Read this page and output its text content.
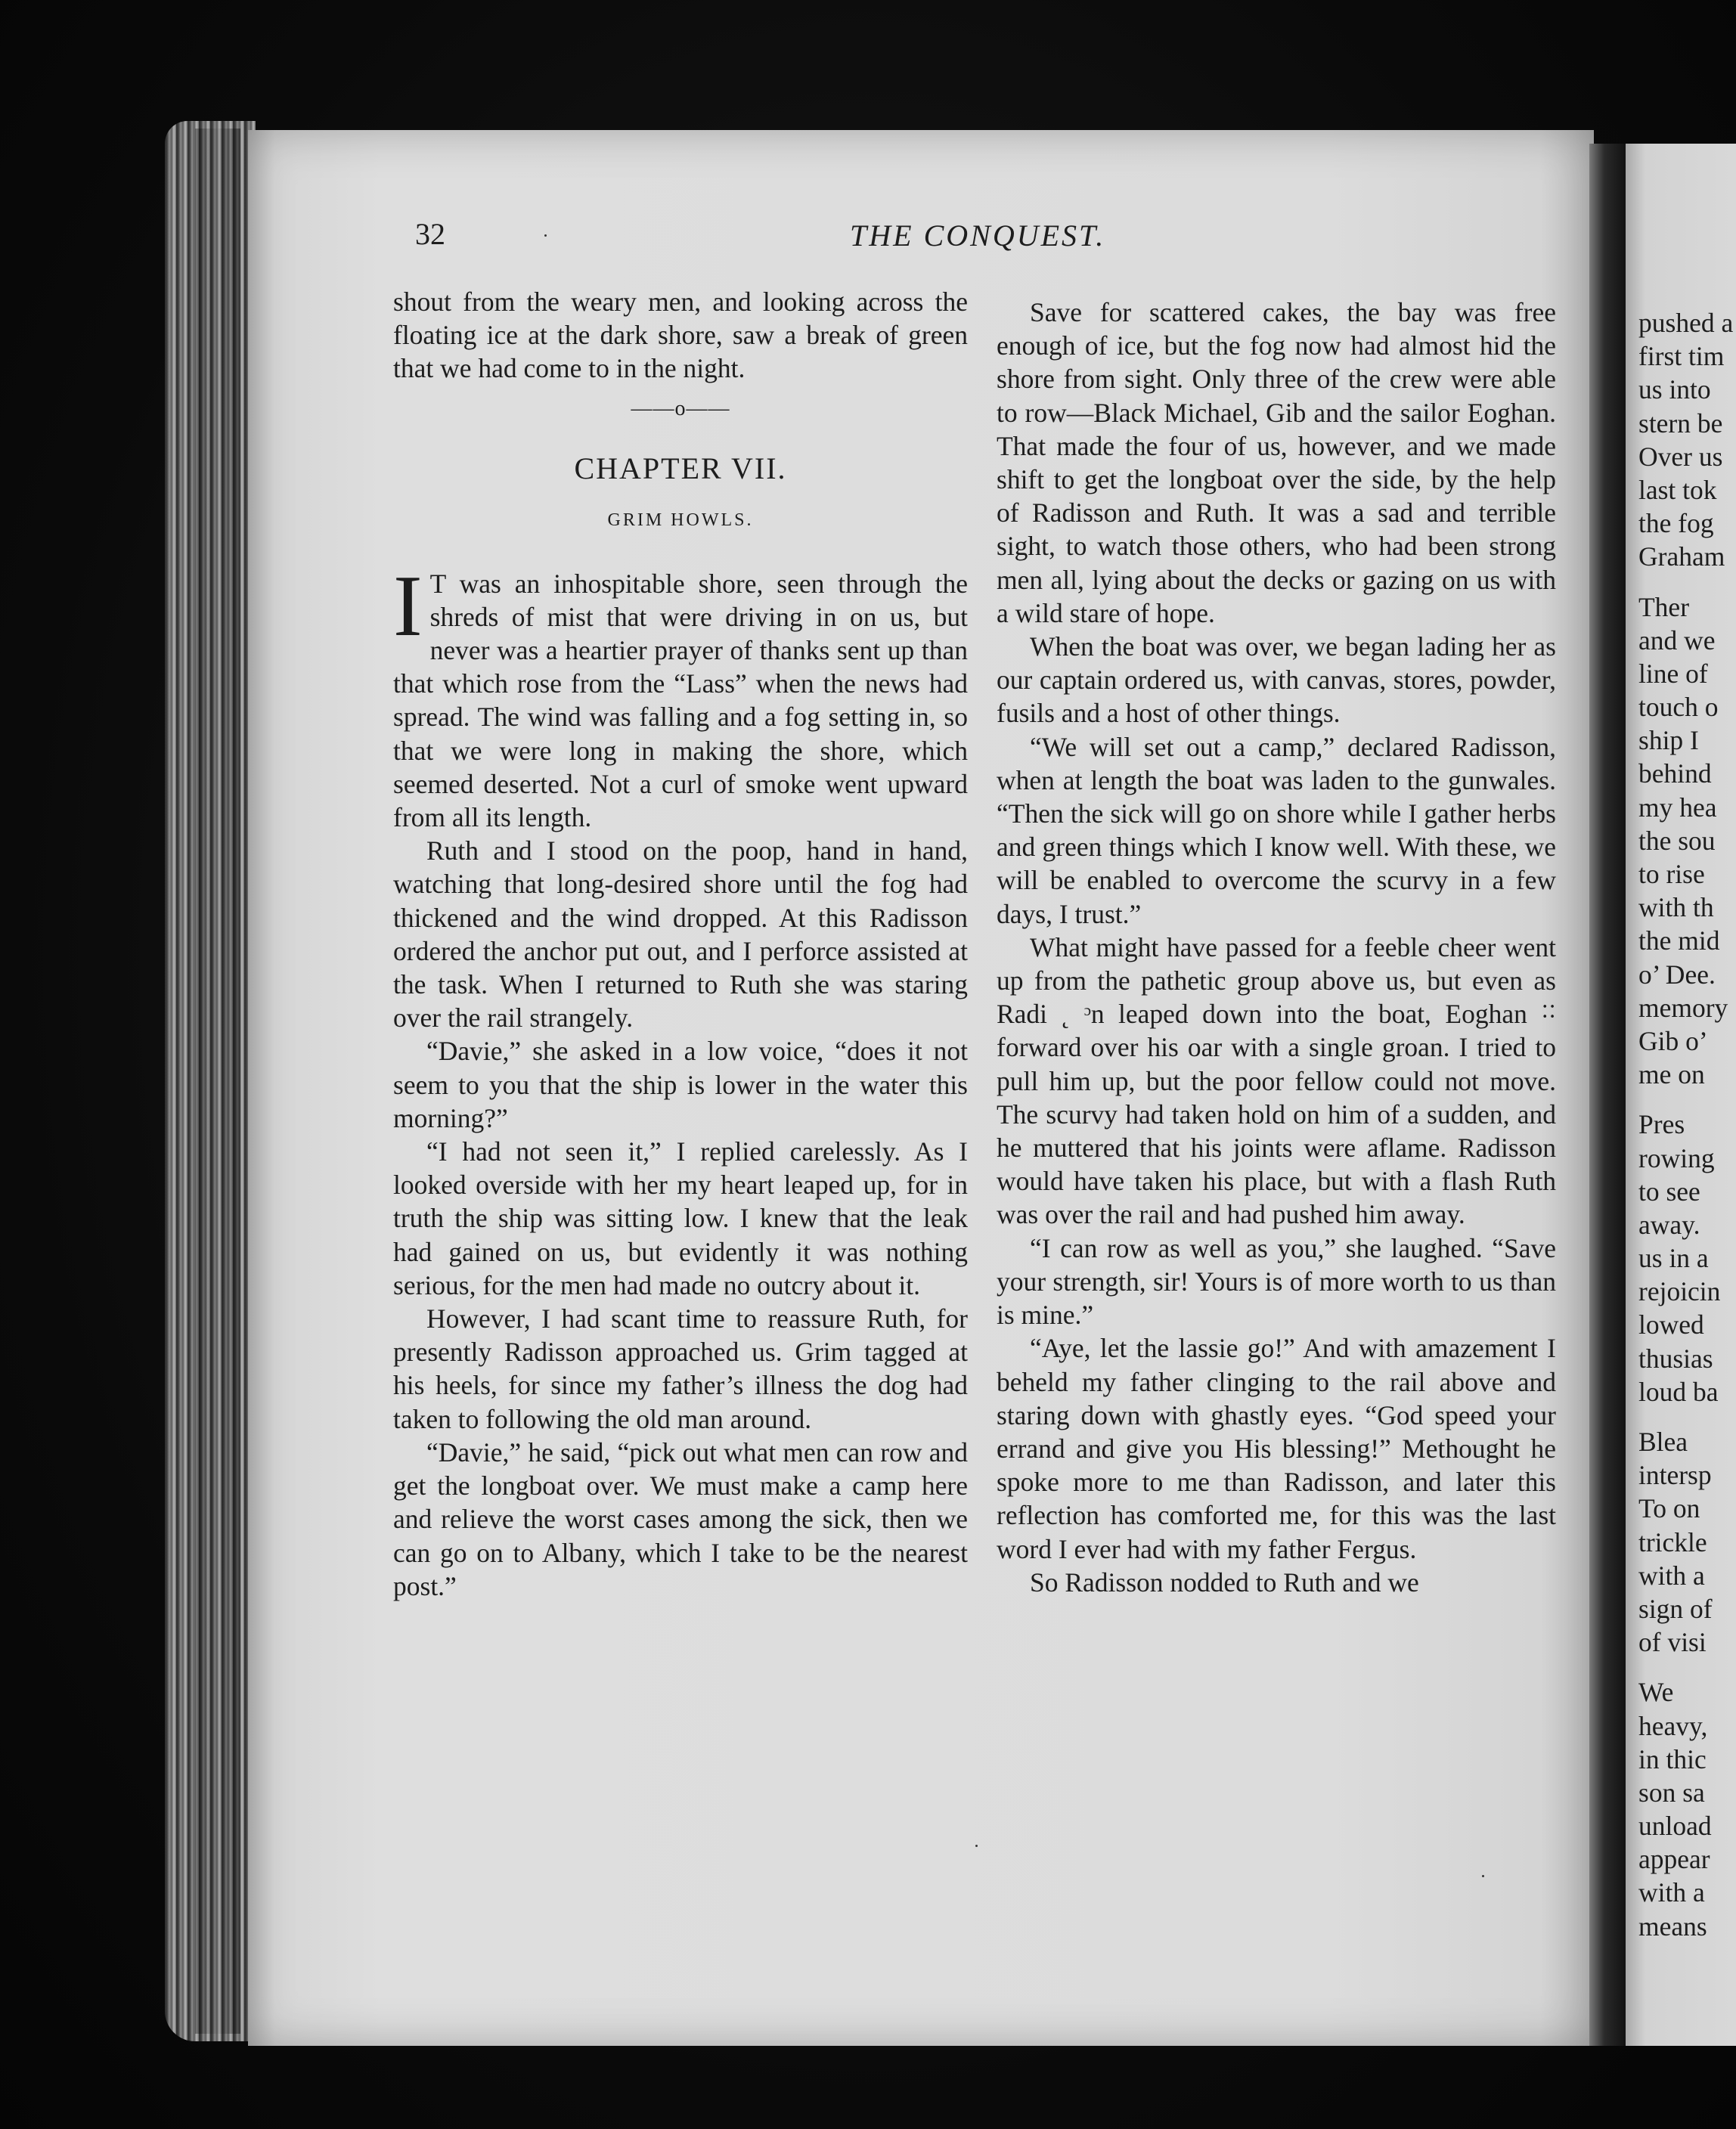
32	THE CONQUEST.

shout from the weary men, and looking across the floating ice at the dark shore, saw a break of green that we had come to in the night.

——o——
CHAPTER VII.
GRIM HOWLS.

I T was an inhospitable shore, seen through the shreds of mist that were driving in on us, but never was a heartier prayer of thanks sent up than that which rose from the “Lass” when the news had spread. The wind was falling and a fog setting in, so that we were long in making the shore, which seemed deserted. Not a curl of smoke went upward from all its length.

Ruth and I stood on the poop, hand in hand, watching that long-desired shore until the fog had thickened and the wind dropped. At this Radisson ordered the anchor put out, and I perforce assisted at the task. When I returned to Ruth she was staring over the rail strangely.

“Davie,” she asked in a low voice, “does it not seem to you that the ship is lower in the water this morning?”

“I had not seen it,” I replied carelessly. As I looked overside with her my heart leaped up, for in truth the ship was sitting low. I knew that the leak had gained on us, but evidently it was nothing serious, for the men had made no outcry about it.

However, I had scant time to reassure Ruth, for presently Radisson approached us. Grim tagged at his heels, for since my father’s illness the dog had taken to following the old man around.

“Davie,” he said, “pick out what men can row and get the longboat over. We must make a camp here and relieve the worst cases among the sick, then we can go on to Albany, which I take to be the nearest post.”

Save for scattered cakes, the bay was free enough of ice, but the fog now had almost hid the shore from sight. Only three of the crew were able to row—Black Michael, Gib and the sailor Eoghan. That made the four of us, however, and we made shift to get the longboat over the side, by the help of Radisson and Ruth. It was a sad and terrible sight, to watch those others, who had been strong men all, lying about the decks or gazing on us with a wild stare of hope.

When the boat was over, we began lading her as our captain ordered us, with canvas, stores, powder, fusils and a host of other things.

“We will set out a camp,” declared Radisson, when at length the boat was laden to the gunwales. “Then the sick will go on shore while I gather herbs and green things which I know well. With these, we will be enabled to overcome the scurvy in a few days, I trust.”

What might have passed for a feeble cheer went up from the pathetic group above us, but even as Radi ˛ ᵓn leaped down into the boat, Eoghan ˸˸ forward over his oar with a single groan. I tried to pull him up, but the poor fellow could not move. The scurvy had taken hold on him of a sudden, and he muttered that his joints were aflame. Radisson would have taken his place, but with a flash Ruth was over the rail and had pushed him away.

“I can row as well as you,” she laughed. “Save your strength, sir! Yours is of more worth to us than is mine.”

“Aye, let the lassie go!” And with amazement I beheld my father clinging to the rail above and staring down with ghastly eyes. “God speed your errand and give you His blessing!” Methought he spoke more to me than Radisson, and later this reflection has comforted me, for this was the last word I ever had with my father Fergus.

So Radisson nodded to Ruth and we

pushed a
first tim
us into
stern be
Over us
last tok
the fog
Graham
Ther
and we
line of
touch o
ship I
behind
my hea
the sou
to rise
with th
the mid
o’ Dee.
memory
Gib o’
me on
Pres
rowing
to see
away.
us in a
rejoicin
lowed
thusias
loud ba
Blea
intersp
To on
trickle
with a
sign of
of visi
We
heavy,
in thic
son sa
unload
appear
with a
means
